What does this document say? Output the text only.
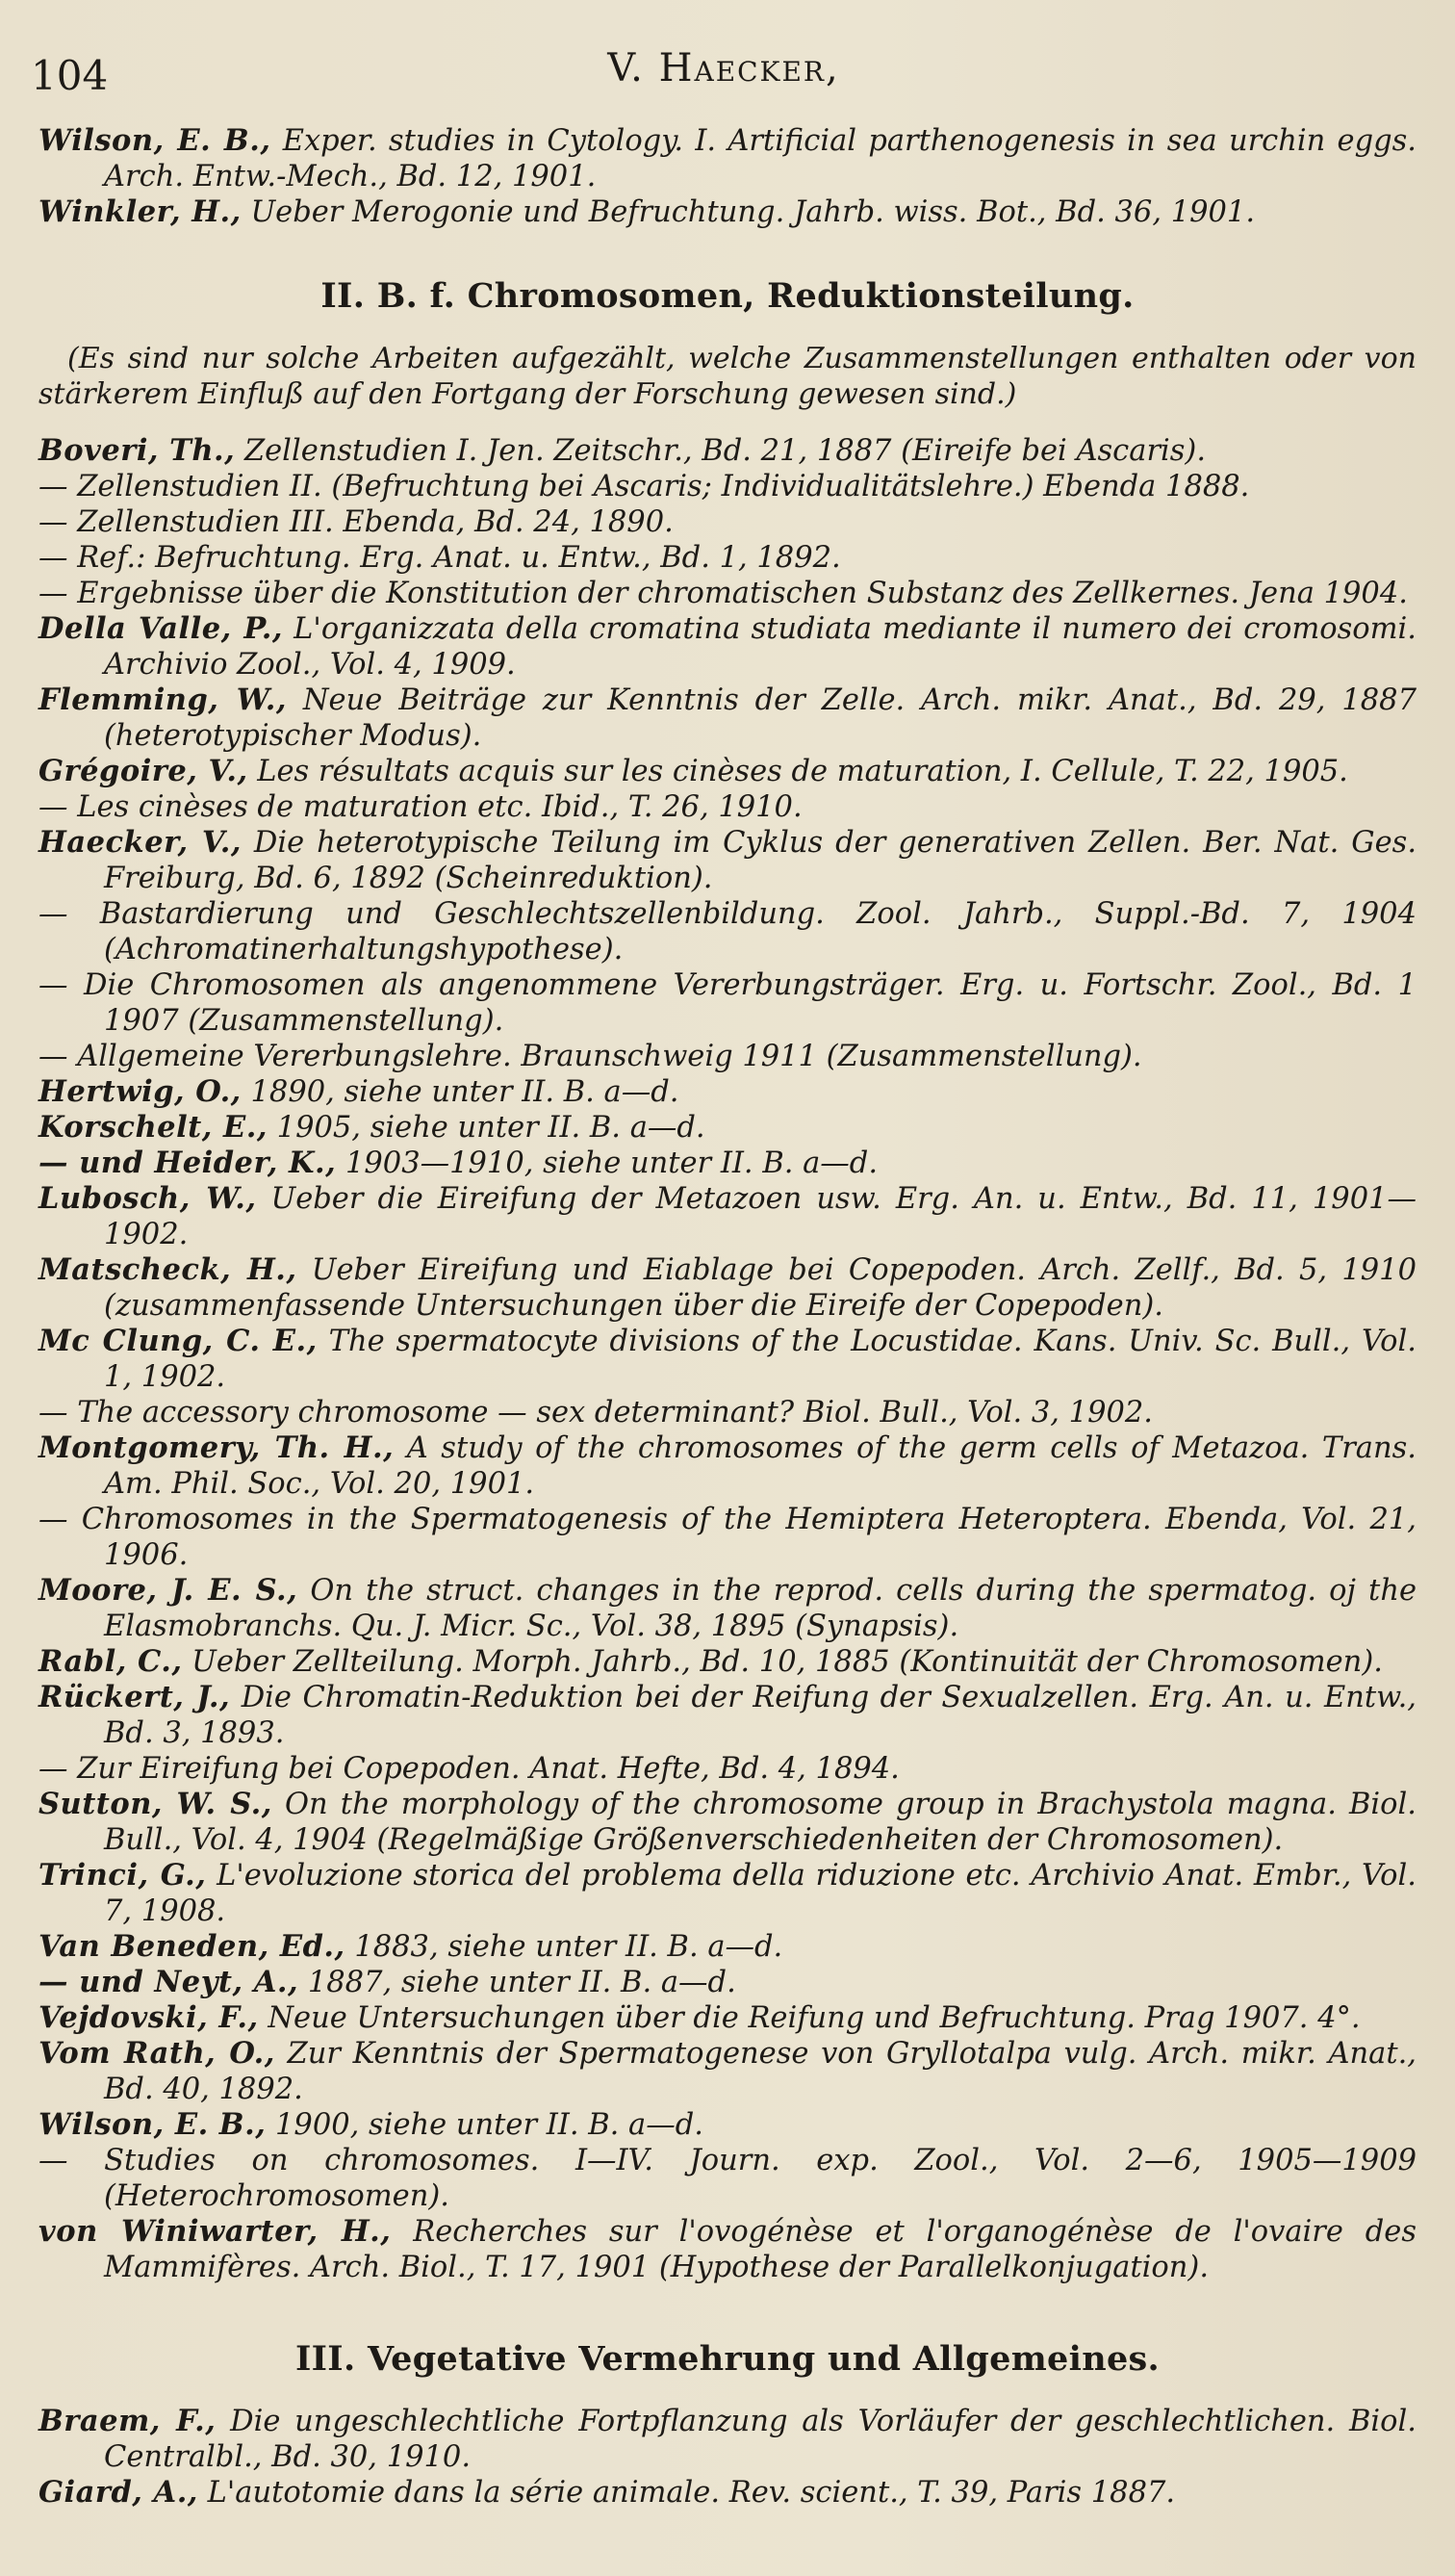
104	V. Haecker,

Wilson, E. B., Exper. studies in Cytology. I. Artificial parthenogenesis in sea urchin eggs. Arch. Entw.-Mech., Bd. 12, 1901.

Winkler, H., Ueber Merogonie und Befruchtung. Jahrb. wiss. Bot., Bd. 36, 1901.

II. B. f. Chromosomen, Reduktionsteilung.

(Es sind nur solche Arbeiten aufgezählt, welche Zusammenstellungen enthalten oder von stärkerem Einfluß auf den Fortgang der Forschung gewesen sind.)

Boveri, Th., Zellenstudien I. Jen. Zeitschr., Bd. 21, 1887 (Eireife bei Ascaris).

— Zellenstudien II. (Befruchtung bei Ascaris; Individualitätslehre.) Ebenda 1888.

— Zellenstudien III. Ebenda, Bd. 24, 1890.

— Ref.: Befruchtung. Erg. Anat. u. Entw., Bd. 1, 1892.

— Ergebnisse über die Konstitution der chromatischen Substanz des Zellkernes. Jena 1904.

Della Valle, P., L'organizzata della cromatina studiata mediante il numero dei cromosomi. Archivio Zool., Vol. 4, 1909.

Flemming, W., Neue Beiträge zur Kenntnis der Zelle. Arch. mikr. Anat., Bd. 29, 1887 (heterotypischer Modus).

Grégoire, V., Les résultats acquis sur les cinèses de maturation, I. Cellule, T. 22, 1905.

— Les cinèses de maturation etc. Ibid., T. 26, 1910.

Haecker, V., Die heterotypische Teilung im Cyklus der generativen Zellen. Ber. Nat. Ges. Freiburg, Bd. 6, 1892 (Scheinreduktion).

— Bastardierung und Geschlechtszellenbildung. Zool. Jahrb., Suppl.-Bd. 7, 1904 (Achromatinerhaltungshypothese).

— Die Chromosomen als angenommene Vererbungsträger. Erg. u. Fortschr. Zool., Bd. 1 1907 (Zusammenstellung).

— Allgemeine Vererbungslehre. Braunschweig 1911 (Zusammenstellung).

Hertwig, O., 1890, siehe unter II. B. a—d.

Korschelt, E., 1905, siehe unter II. B. a—d.

— und Heider, K., 1903—1910, siehe unter II. B. a—d.

Lubosch, W., Ueber die Eireifung der Metazoen usw. Erg. An. u. Entw., Bd. 11, 1901—1902.

Matscheck, H., Ueber Eireifung und Eiablage bei Copepoden. Arch. Zellf., Bd. 5, 1910 (zusammenfassende Untersuchungen über die Eireife der Copepoden).

Mc Clung, C. E., The spermatocyte divisions of the Locustidae. Kans. Univ. Sc. Bull., Vol. 1, 1902.

— The accessory chromosome — sex determinant? Biol. Bull., Vol. 3, 1902.

Montgomery, Th. H., A study of the chromosomes of the germ cells of Metazoa. Trans. Am. Phil. Soc., Vol. 20, 1901.

— Chromosomes in the Spermatogenesis of the Hemiptera Heteroptera. Ebenda, Vol. 21, 1906.

Moore, J. E. S., On the struct. changes in the reprod. cells during the spermatog. oj the Elasmobranchs. Qu. J. Micr. Sc., Vol. 38, 1895 (Synapsis).

Rabl, C., Ueber Zellteilung. Morph. Jahrb., Bd. 10, 1885 (Kontinuität der Chromosomen).

Rückert, J., Die Chromatin-Reduktion bei der Reifung der Sexualzellen. Erg. An. u. Entw., Bd. 3, 1893.

— Zur Eireifung bei Copepoden. Anat. Hefte, Bd. 4, 1894.

Sutton, W. S., On the morphology of the chromosome group in Brachystola magna. Biol. Bull., Vol. 4, 1904 (Regelmäßige Größenverschiedenheiten der Chromosomen).

Trinci, G., L'evoluzione storica del problema della riduzione etc. Archivio Anat. Embr., Vol. 7, 1908.

Van Beneden, Ed., 1883, siehe unter II. B. a—d.

— und Neyt, A., 1887, siehe unter II. B. a—d.

Vejdovski, F., Neue Untersuchungen über die Reifung und Befruchtung. Prag 1907. 4°.

Vom Rath, O., Zur Kenntnis der Spermatogenese von Gryllotalpa vulg. Arch. mikr. Anat., Bd. 40, 1892.

Wilson, E. B., 1900, siehe unter II. B. a—d.

— Studies on chromosomes. I—IV. Journ. exp. Zool., Vol. 2—6, 1905—1909 (Heterochromosomen).

von Winiwarter, H., Recherches sur l'ovogénèse et l'organogénèse de l'ovaire des Mammifères. Arch. Biol., T. 17, 1901 (Hypothese der Parallelkonjugation).

III. Vegetative Vermehrung und Allgemeines.

Braem, F., Die ungeschlechtliche Fortpflanzung als Vorläufer der geschlechtlichen. Biol. Centralbl., Bd. 30, 1910.

Giard, A., L'autotomie dans la série animale. Rev. scient., T. 39, Paris 1887.
